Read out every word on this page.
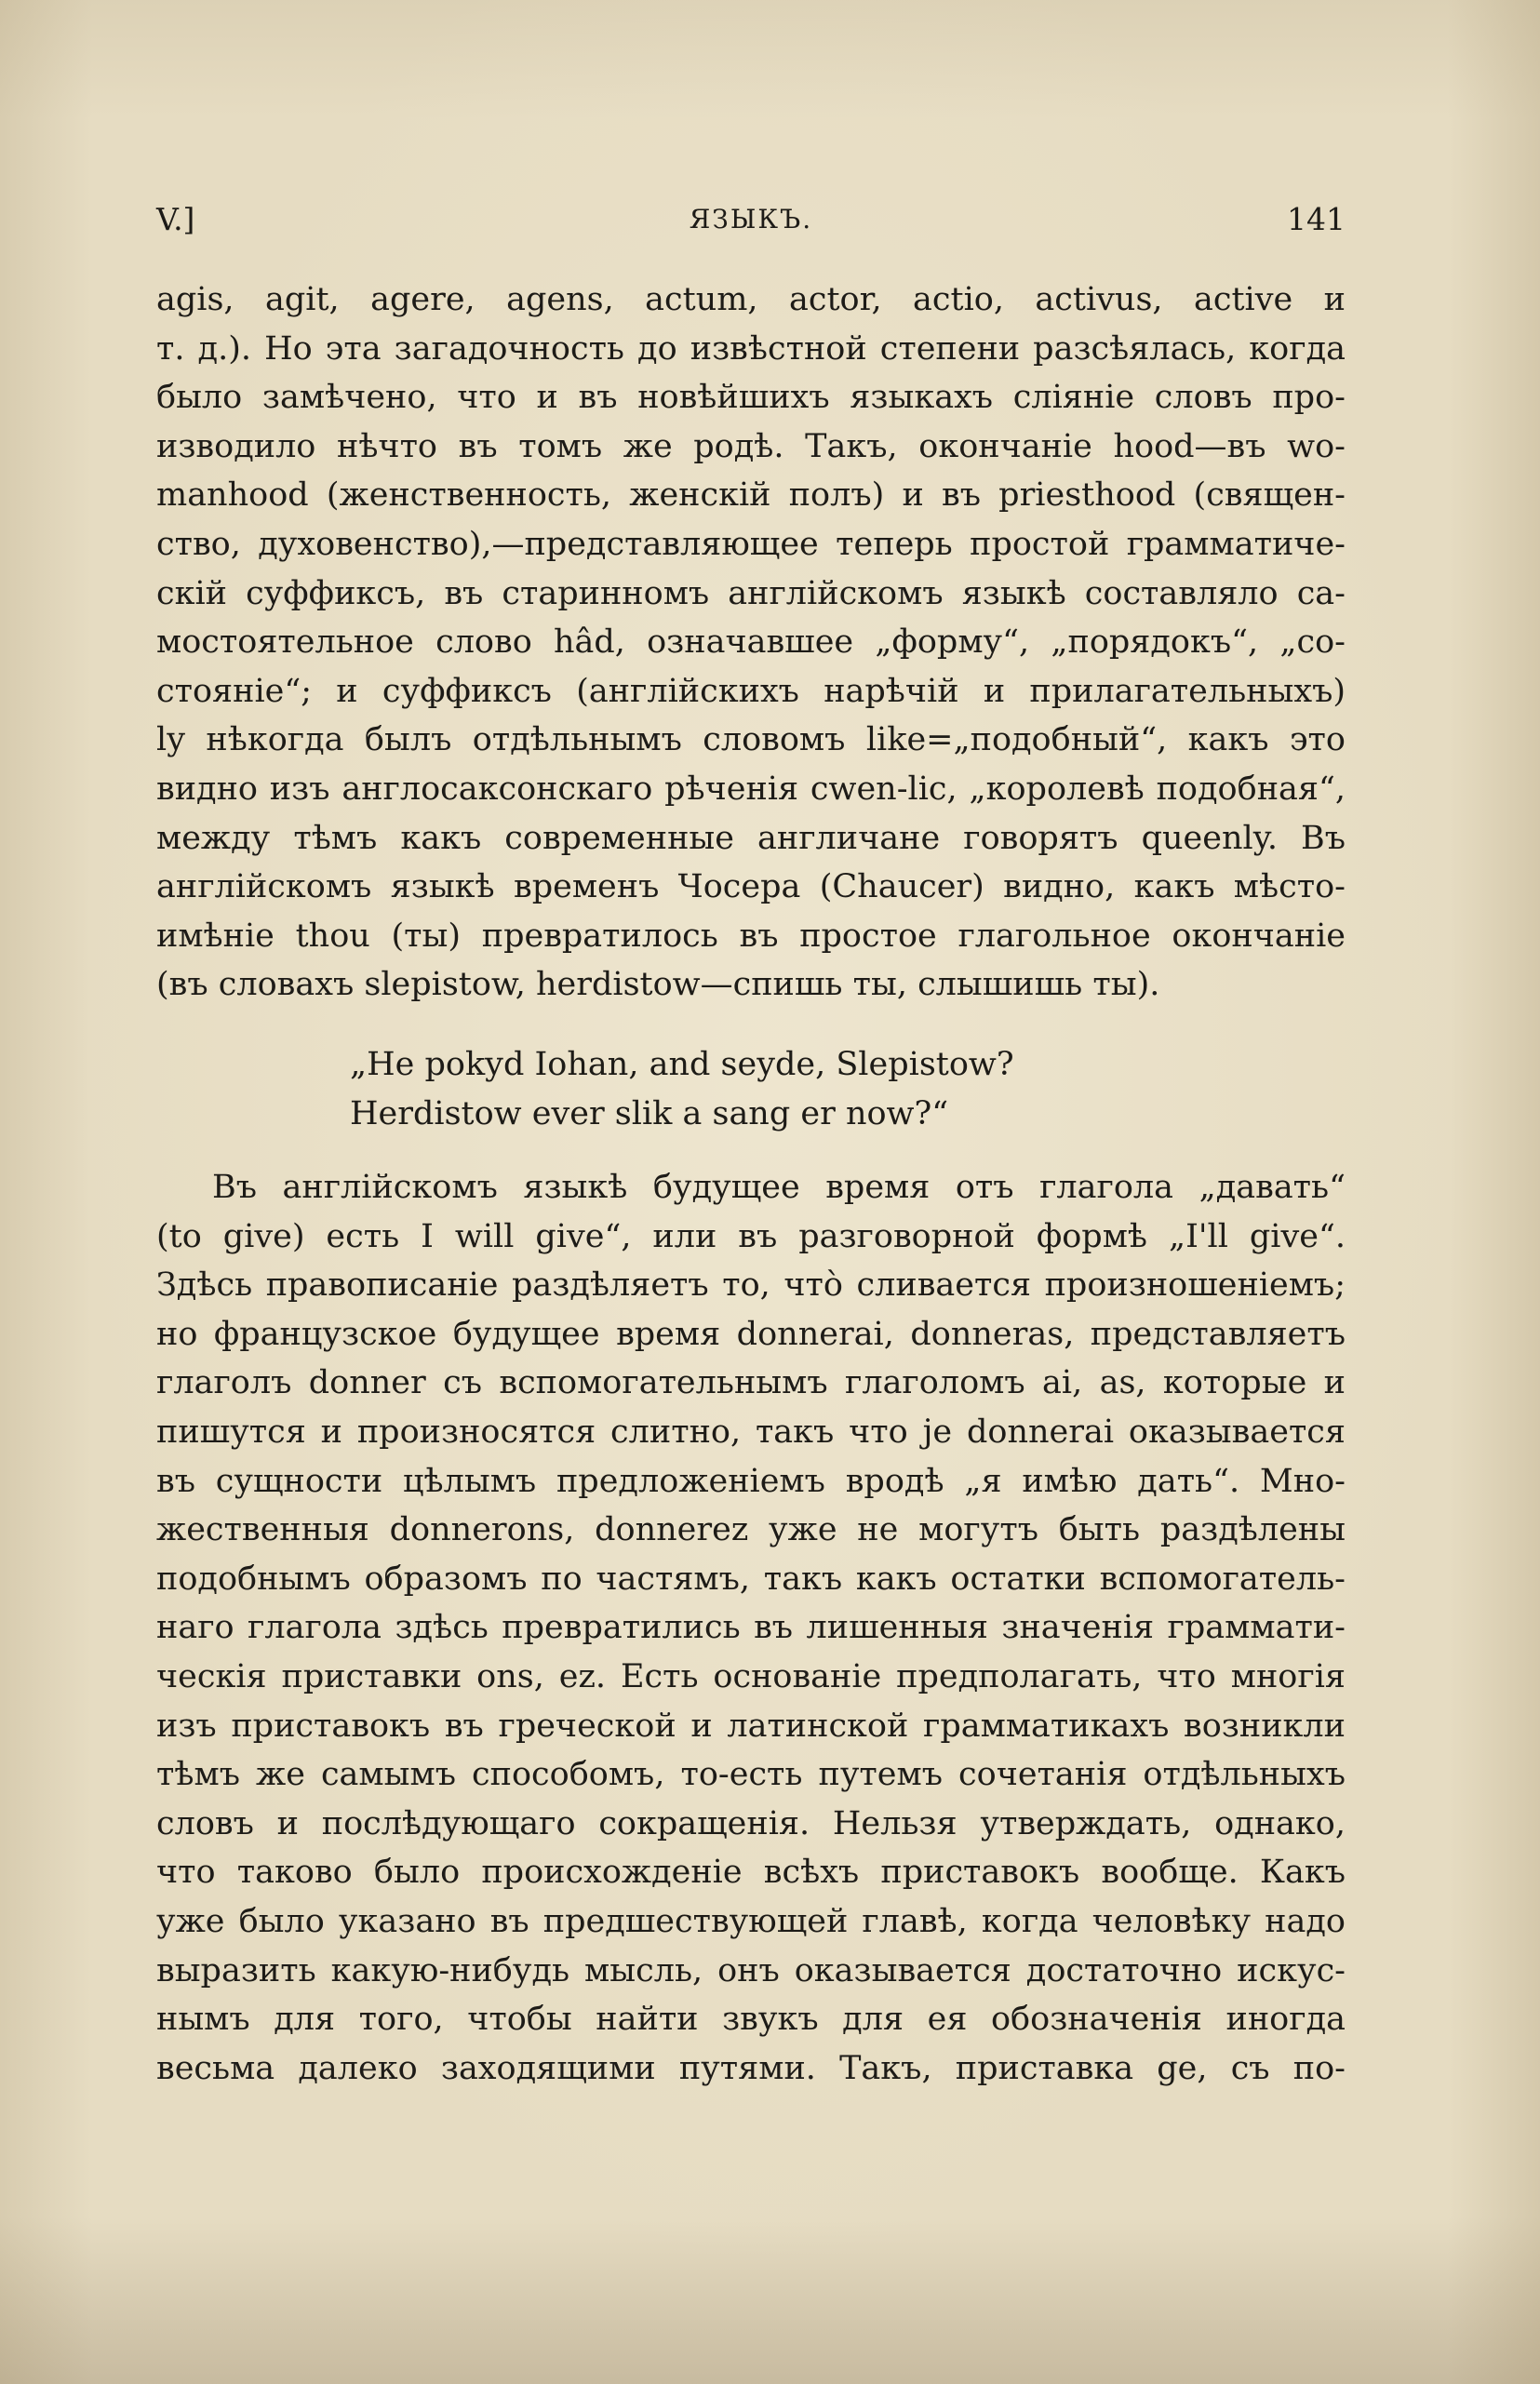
V.]	ЯЗЫКЪ.	141
agis, agit, agere, agens, actum, actor, actio, activus, active и
т. д.). Но эта загадочность до извѣстной степени разсѣялась, когда
было замѣчено, что и въ новѣйшихъ языкахъ сліяніе словъ про-
изводило нѣчто въ томъ же родѣ. Такъ, окончаніе hood—въ wo-
manhood (женственность, женскій полъ) и въ priesthood (священ-
ство, духовенство),—представляющее теперь простой грамматиче-
скій суффиксъ, въ старинномъ англійскомъ языкѣ составляло са-
мостоятельное слово hâd, означавшее „форму“, „порядокъ“, „со-
стояніе“; и суффиксъ (англійскихъ нарѣчій и прилагательныхъ)
ly нѣкогда былъ отдѣльнымъ словомъ like=„подобный“, какъ это
видно изъ англосаксонскаго рѣченія cwen-lic, „королевѣ подобная“,
между тѣмъ какъ современные англичане говорятъ queenly. Въ
англійскомъ языкѣ временъ Чосера (Chaucer) видно, какъ мѣсто-
имѣніе thou (ты) превратилось въ простое глагольное окончаніе
(въ словахъ slepistow, herdistow—спишь ты, слышишь ты).
„He pokyd Iohan, and seyde, Slepistow?
Herdistow ever slik a sang er now?“
Въ англійскомъ языкѣ будущее время отъ глагола „давать“
(to give) есть I will give“, или въ разговорной формѣ „I'll give“.
Здѣсь правописаніе раздѣляетъ то, что̀ сливается произношеніемъ;
но французское будущее время donnerai, donneras, представляетъ
глаголъ donner съ вспомогательнымъ глаголомъ ai, as, которые и
пишутся и произносятся слитно, такъ что je donnerai оказывается
въ сущности цѣлымъ предложеніемъ вродѣ „я имѣю дать“. Мно-
жественныя donnerons, donnerez уже не могутъ быть раздѣлены
подобнымъ образомъ по частямъ, такъ какъ остатки вспомогатель-
наго глагола здѣсь превратились въ лишенныя значенія граммати-
ческія приставки ons, ez. Есть основаніе предполагать, что многія
изъ приставокъ въ греческой и латинской грамматикахъ возникли
тѣмъ же самымъ способомъ, то-есть путемъ сочетанія отдѣльныхъ
словъ и послѣдующаго сокращенія. Нельзя утверждать, однако,
что таково было происхожденіе всѣхъ приставокъ вообще. Какъ
уже было указано въ предшествующей главѣ, когда человѣку надо
выразить какую-нибудь мысль, онъ оказывается достаточно искус-
нымъ для того, чтобы найти звукъ для ея обозначенія иногда
весьма далеко заходящими путями. Такъ, приставка ge, съ по-
